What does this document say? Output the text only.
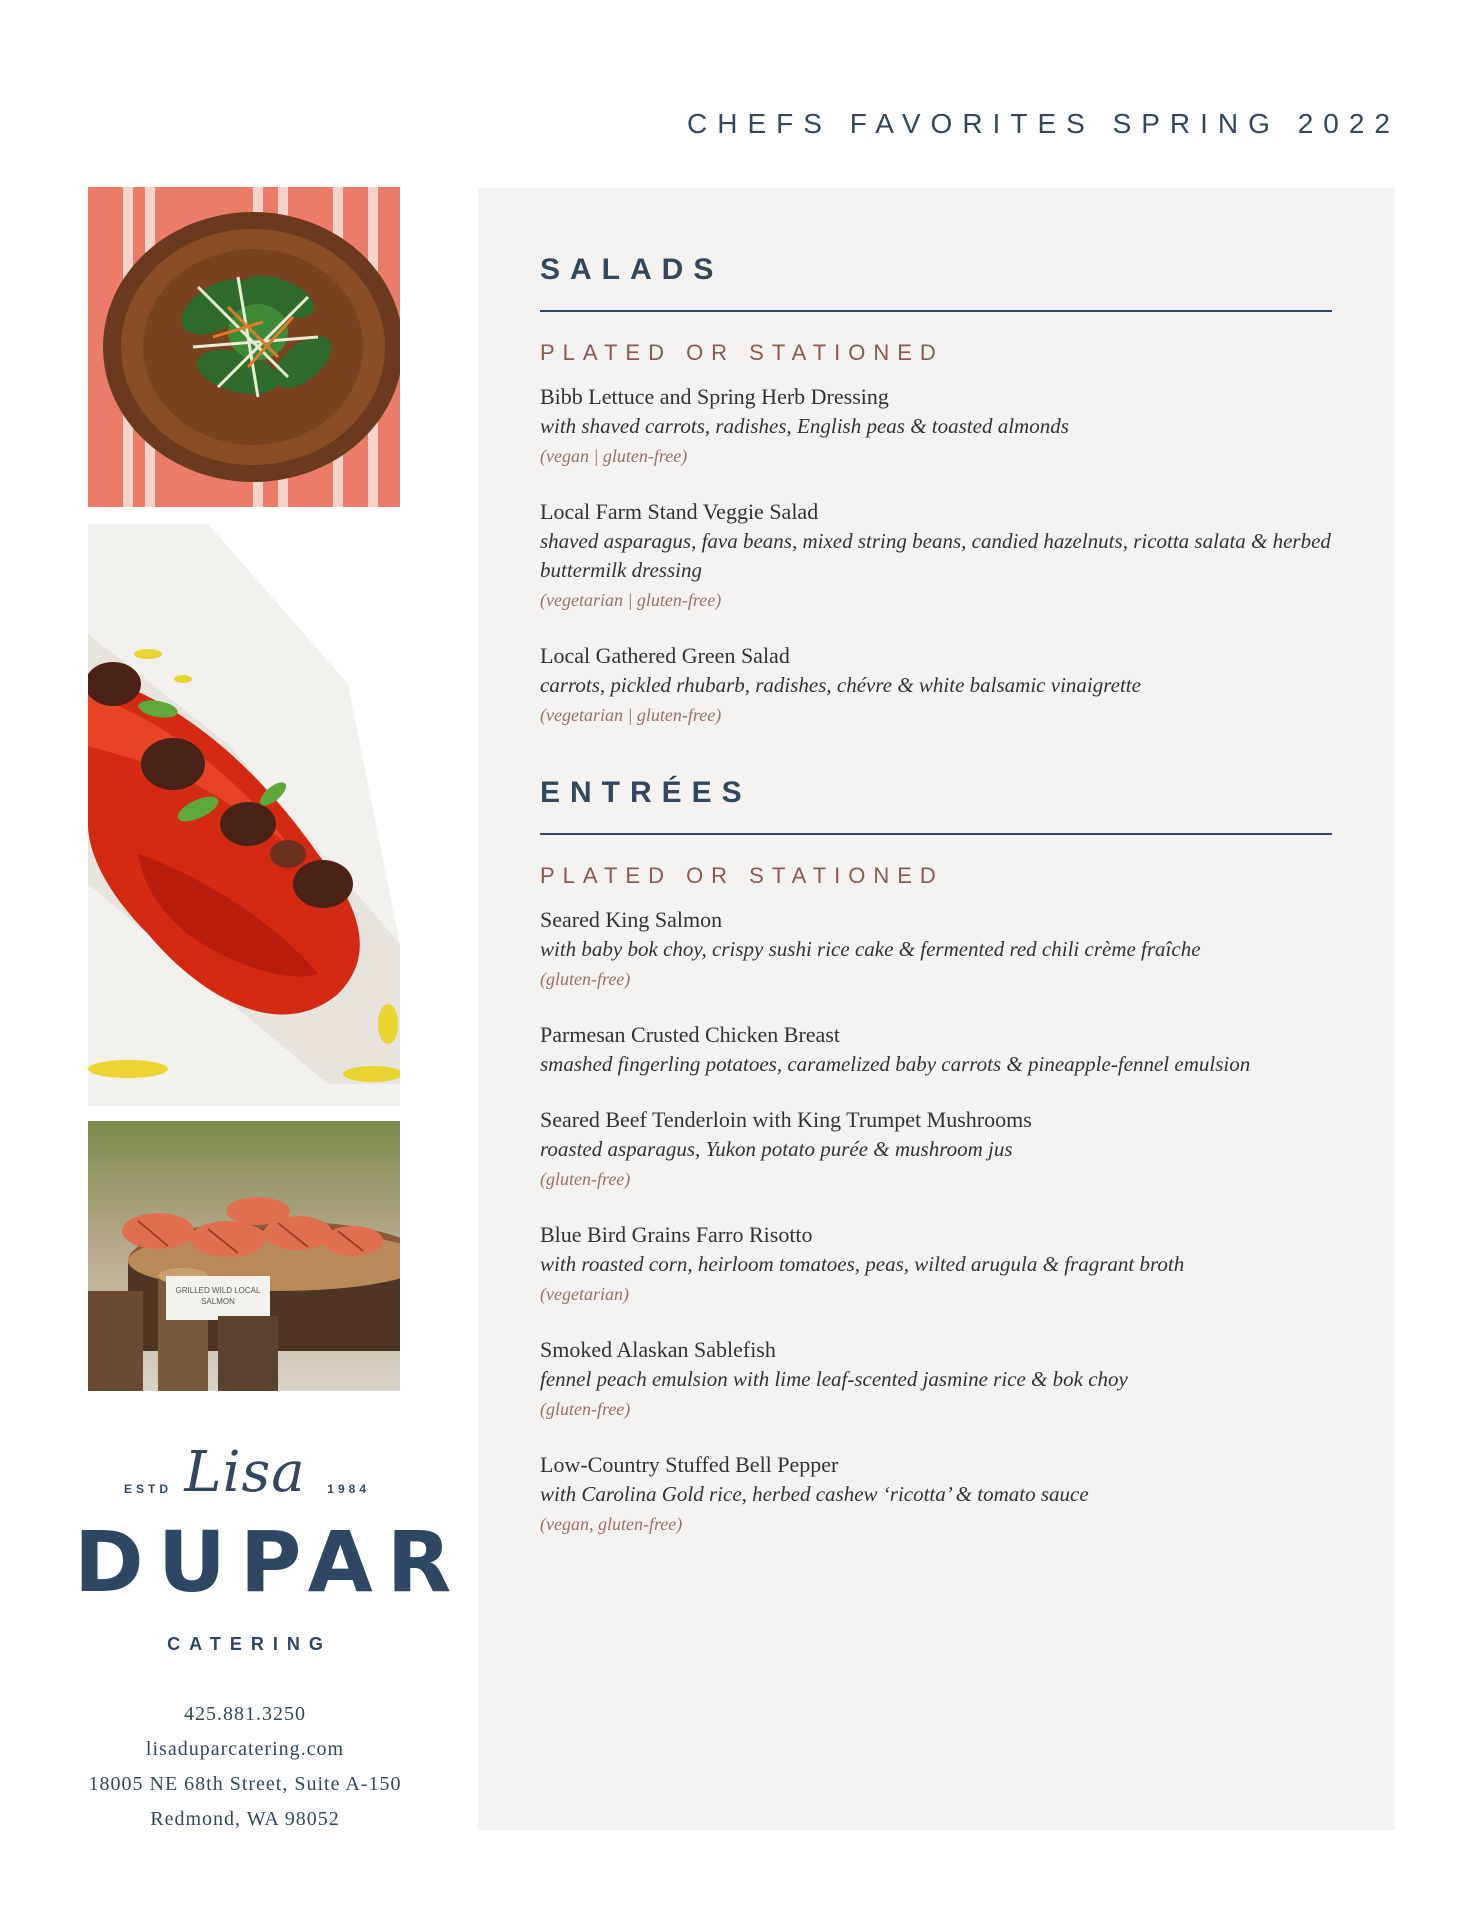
CHEFS FAVORITES SPRING 2022
GRILLED WILD LOCAL
SALMON
ESTD Lisa	1984
DUPAR
CATERING
425.881.3250
lisaduparcatering.com
18005 NE 68th Street, Suite A-150
Redmond, WA 98052
SALADS
PLATED OR STATIONED
Bibb Lettuce and Spring Herb Dressing
with shaved carrots, radishes, English peas & toasted almonds
(vegan | gluten-free)
Local Farm Stand Veggie Salad
shaved asparagus, fava beans, mixed string beans, candied hazelnuts, ricotta salata & herbed buttermilk dressing
(vegetarian | gluten-free)
Local Gathered Green Salad
carrots, pickled rhubarb, radishes, chévre & white balsamic vinaigrette
(vegetarian | gluten-free)
ENTRÉES
PLATED OR STATIONED
Seared King Salmon
with baby bok choy, crispy sushi rice cake & fermented red chili crème fraîche
(gluten-free)
Parmesan Crusted Chicken Breast
smashed fingerling potatoes, caramelized baby carrots & pineapple-fennel emulsion
Seared Beef Tenderloin with King Trumpet Mushrooms
roasted asparagus, Yukon potato purée & mushroom jus
(gluten-free)
Blue Bird Grains Farro Risotto
with roasted corn, heirloom tomatoes, peas, wilted arugula & fragrant broth
(vegetarian)
Smoked Alaskan Sablefish
fennel peach emulsion with lime leaf-scented jasmine rice & bok choy
(gluten-free)
Low-Country Stuffed Bell Pepper
with Carolina Gold rice, herbed cashew ‘ricotta’ & tomato sauce
(vegan, gluten-free)
